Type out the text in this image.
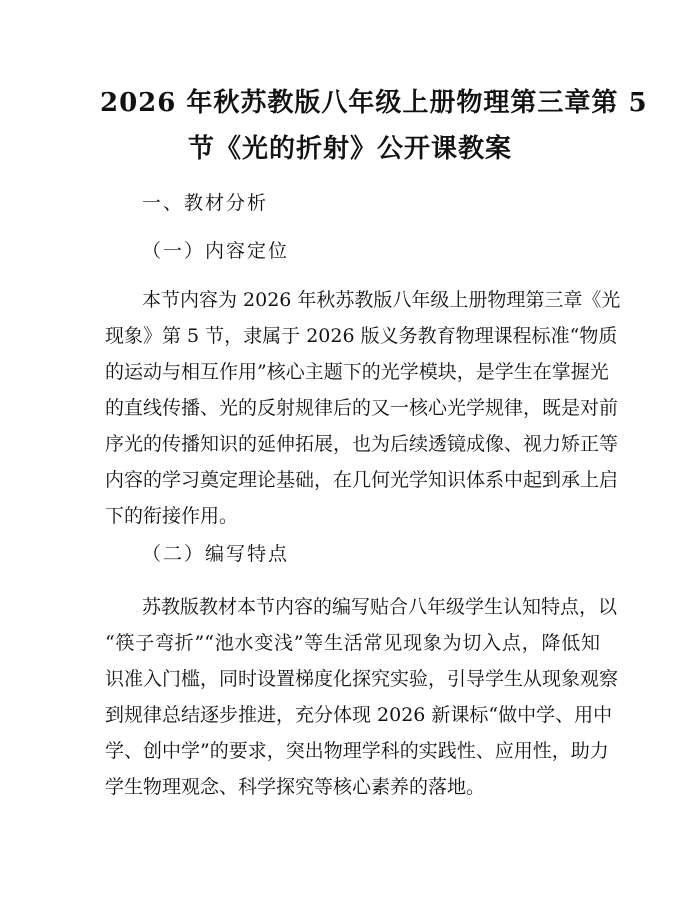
2026 年秋苏教版八年级上册物理第三章第 5
节《光的折射》公开课教案
一、教材分析
（一）内容定位
本节内容为 2026 年秋苏教版八年级上册物理第三章《光
现象》第 5 节，隶属于 2026 版义务教育物理课程标准“物质
的运动与相互作用”核心主题下的光学模块，是学生在掌握光
的直线传播、光的反射规律后的又一核心光学规律，既是对前
序光的传播知识的延伸拓展，也为后续透镜成像、视力矫正等
内容的学习奠定理论基础，在几何光学知识体系中起到承上启
下的衔接作用。
（二）编写特点
苏教版教材本节内容的编写贴合八年级学生认知特点，以
“筷子弯折”“池水变浅”等生活常见现象为切入点，降低知
识准入门槛，同时设置梯度化探究实验，引导学生从现象观察
到规律总结逐步推进，充分体现 2026 新课标“做中学、用中
学、创中学”的要求，突出物理学科的实践性、应用性，助力
学生物理观念、科学探究等核心素养的落地。
